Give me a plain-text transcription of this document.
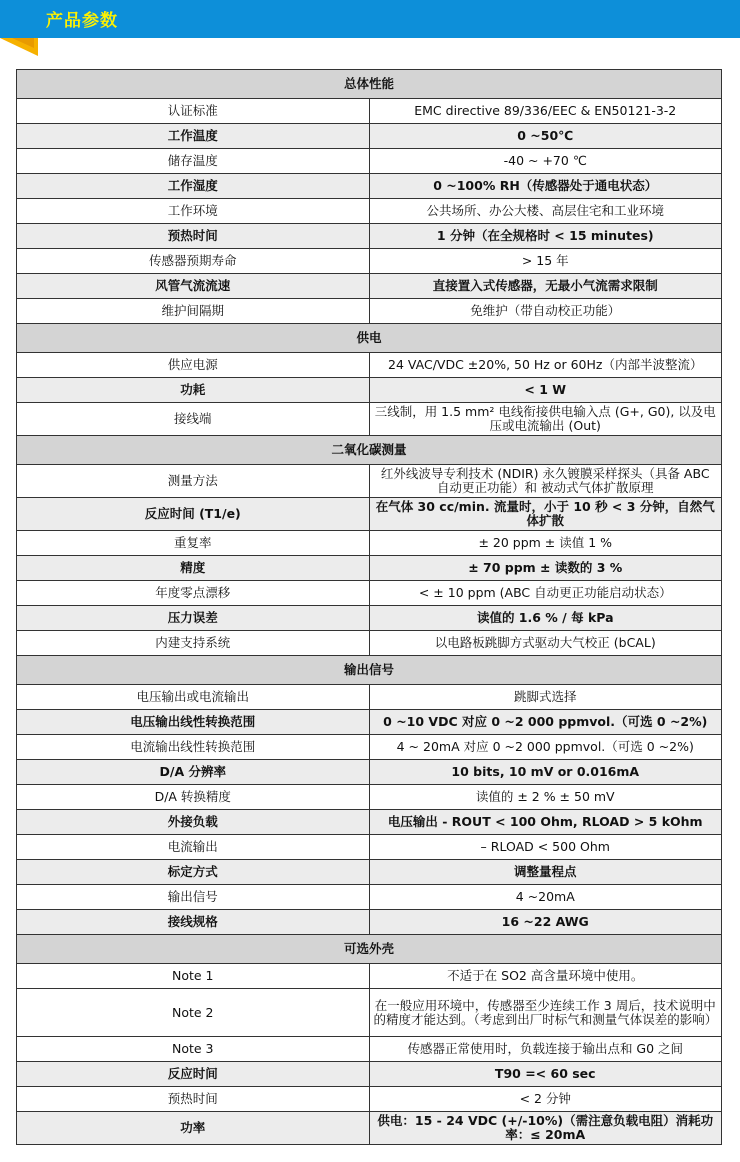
产品参数
总体性能	
认证标准	EMC directive 89/336/EEC & EN50121-3-2
工作温度	0 ~50℃
储存温度	-40 ~ +70 ℃
工作湿度	0 ~100% RH（传感器处于通电状态）
工作环境	公共场所、办公大楼、高层住宅和工业环境
预热时间	1 分钟（在全规格时 < 15 minutes)
传感器预期寿命	> 15 年
风管气流流速	直接置入式传感器，无最小气流需求限制
维护间隔期	免维护（带自动校正功能）
供电	
供应电源	24 VAC/VDC ±20%, 50 Hz or 60Hz（内部半波整流）
功耗	< 1 W
接线端	三线制，用 1.5 mm² 电线衔接供电输入点 (G+, G0), 以及电压或电流输出 (Out)
二氧化碳测量	
测量方法	红外线波导专利技术 (NDIR) 永久镀膜采样探头（具备 ABC 自动更正功能）和 被动式气体扩散原理
反应时间 (T1/e)	在气体 30 cc/min. 流量时，小于 10 秒 < 3 分钟，自然气体扩散
重复率	± 20 ppm ± 读值 1 %
精度	± 70 ppm ± 读数的 3 %
年度零点漂移	< ± 10 ppm (ABC 自动更正功能启动状态）
压力误差	读值的 1.6 % / 每 kPa
内建支持系统	以电路板跳脚方式驱动大气校正 (bCAL)
输出信号	
电压输出或电流输出	跳脚式选择
电压输出线性转换范围	0 ~10 VDC 对应 0 ~2 000 ppmvol.（可选 0 ~2%)
电流输出线性转换范围	4 ~ 20mA 对应 0 ~2 000 ppmvol.（可选 0 ~2%)
D/A 分辨率	10 bits, 10 mV or 0.016mA
D/A 转换精度	读值的 ± 2 % ± 50 mV
外接负载	电压输出 - ROUT < 100 Ohm, RLOAD > 5 kOhm
电流输出	– RLOAD < 500 Ohm
标定方式	调整量程点
输出信号	4 ~20mA
接线规格	16 ~22 AWG
可选外壳	
Note 1	不适于在 SO2 高含量环境中使用。
Note 2	在一般应用环境中，传感器至少连续工作 3 周后，技术说明中的精度才能达到。（考虑到出厂时标气和测量气体误差的影响）
Note 3	传感器正常使用时，负载连接于输出点和 G0 之间
反应时间	T90 =< 60 sec
预热时间	< 2 分钟
功率	供电：15 - 24 VDC (+/-10%)（需注意负载电阻）消耗功率：≤ 20mA
